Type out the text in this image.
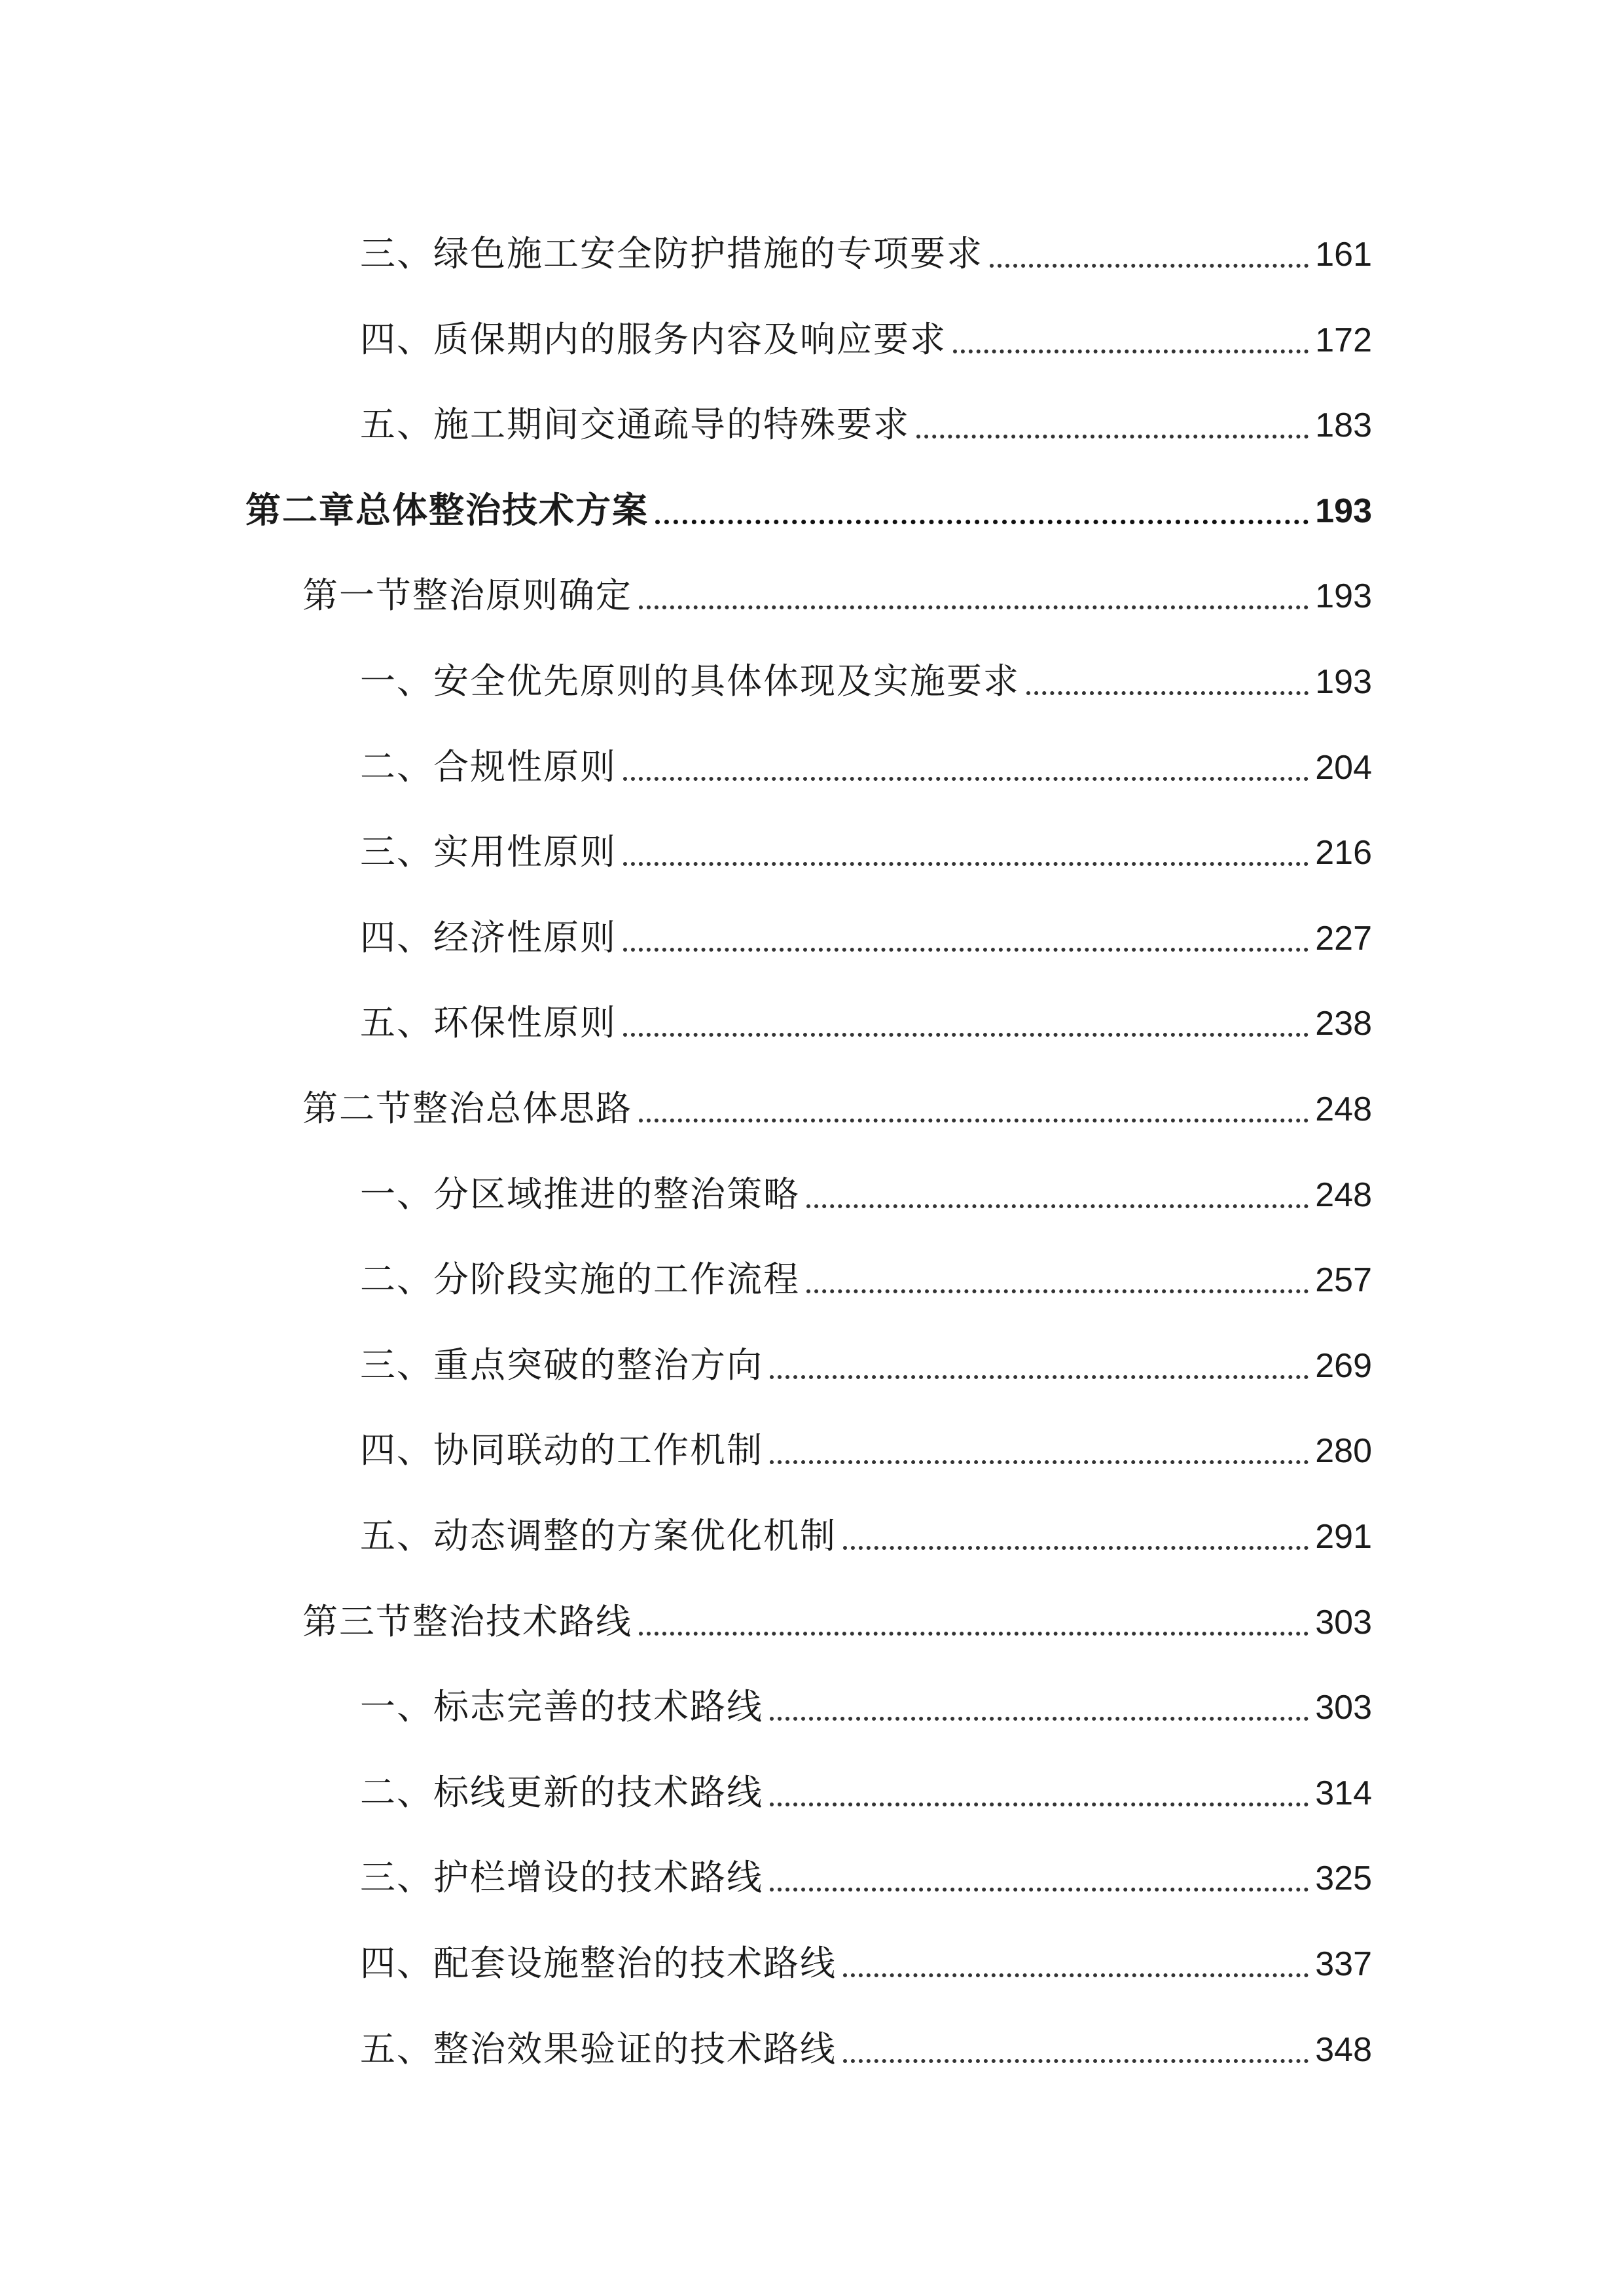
三、绿色施工安全防护措施的专项要求	161
四、质保期内的服务内容及响应要求	172
五、施工期间交通疏导的特殊要求	183
第二章总体整治技术方案	193
第一节整治原则确定	193
一、安全优先原则的具体体现及实施要求	193
二、合规性原则	204
三、实用性原则	216
四、经济性原则	227
五、环保性原则	238
第二节整治总体思路	248
一、分区域推进的整治策略	248
二、分阶段实施的工作流程	257
三、重点突破的整治方向	269
四、协同联动的工作机制	280
五、动态调整的方案优化机制	291
第三节整治技术路线	303
一、标志完善的技术路线	303
二、标线更新的技术路线	314
三、护栏增设的技术路线	325
四、配套设施整治的技术路线	337
五、整治效果验证的技术路线	348
